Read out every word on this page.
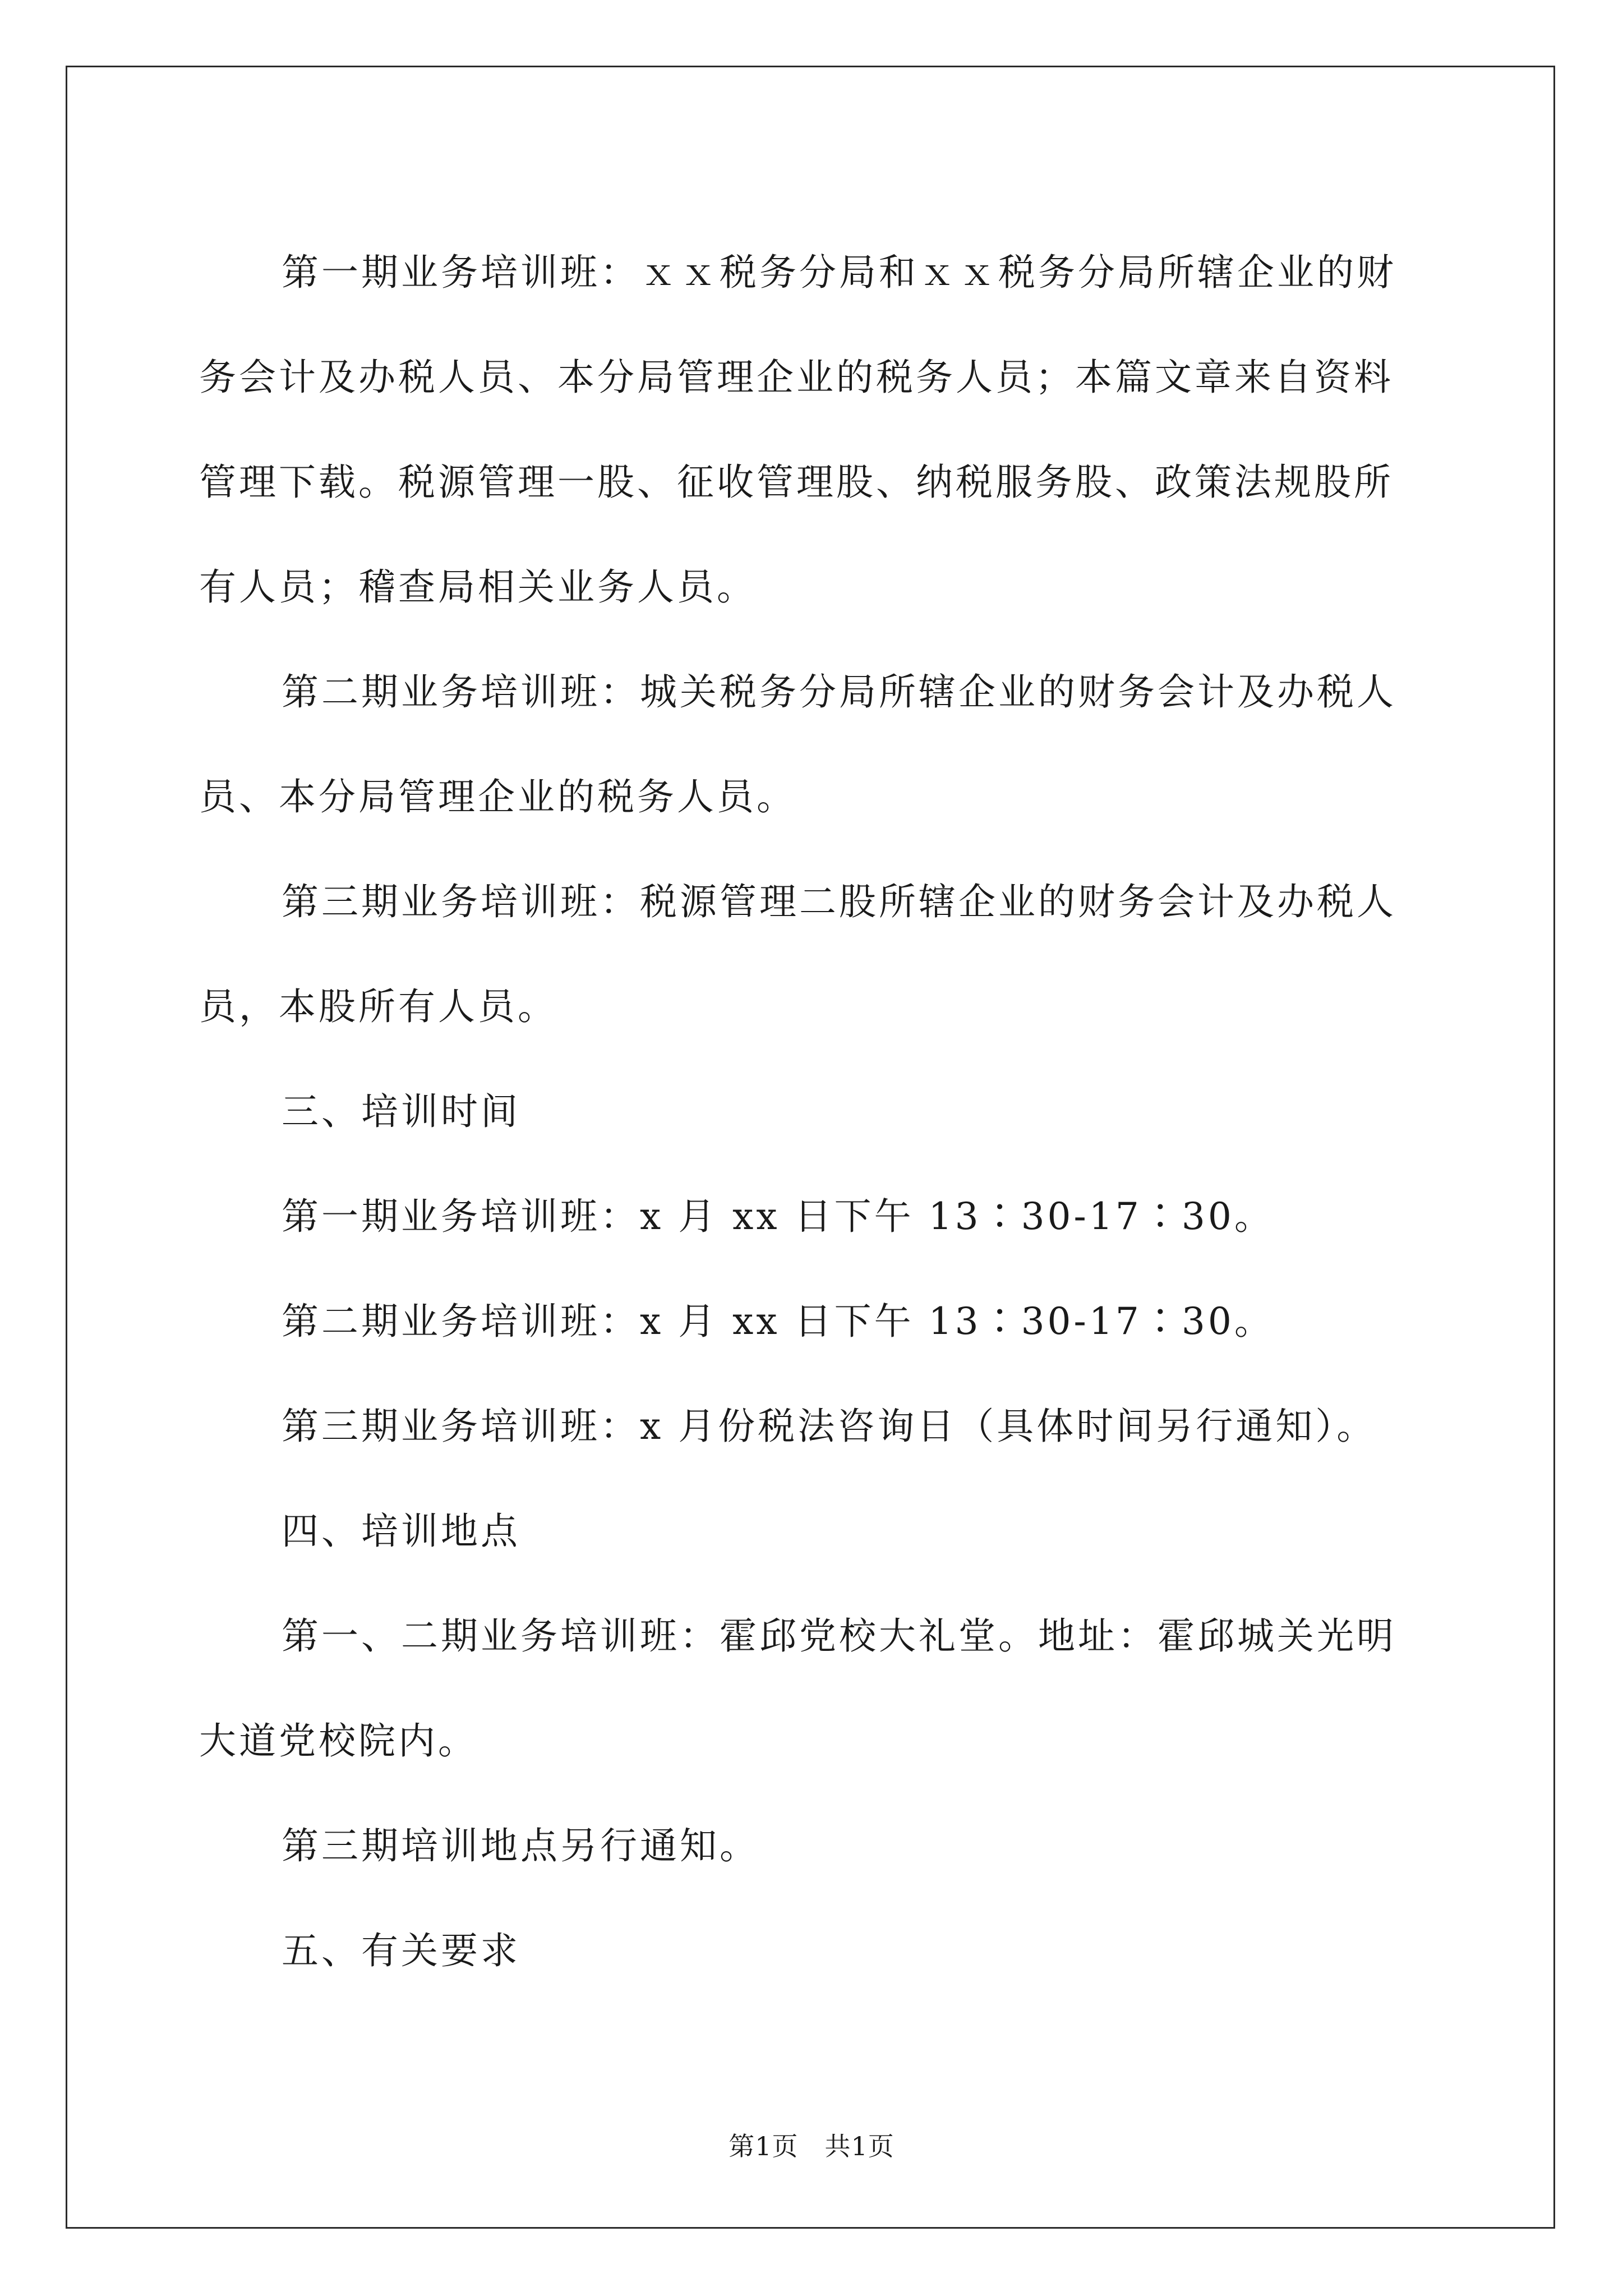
第一期业务培训班：ｘｘ税务分局和ｘｘ税务分局所辖企业的财

务会计及办税人员、本分局管理企业的税务人员；本篇文章来自资料

管理下载。税源管理一股、征收管理股、纳税服务股、政策法规股所

有人员；稽查局相关业务人员。

第二期业务培训班：城关税务分局所辖企业的财务会计及办税人

员、本分局管理企业的税务人员。

第三期业务培训班：税源管理二股所辖企业的财务会计及办税人

员，本股所有人员。

三、培训时间

第一期业务培训班：x 月 xx 日下午 13∶30-17∶30。

第二期业务培训班：x 月 xx 日下午 13∶30-17∶30。

第三期业务培训班：x 月份税法咨询日（具体时间另行通知）。

四、培训地点

第一、二期业务培训班：霍邱党校大礼堂。地址：霍邱城关光明

大道党校院内。

第三期培训地点另行通知。

五、有关要求

第1页　共1页
